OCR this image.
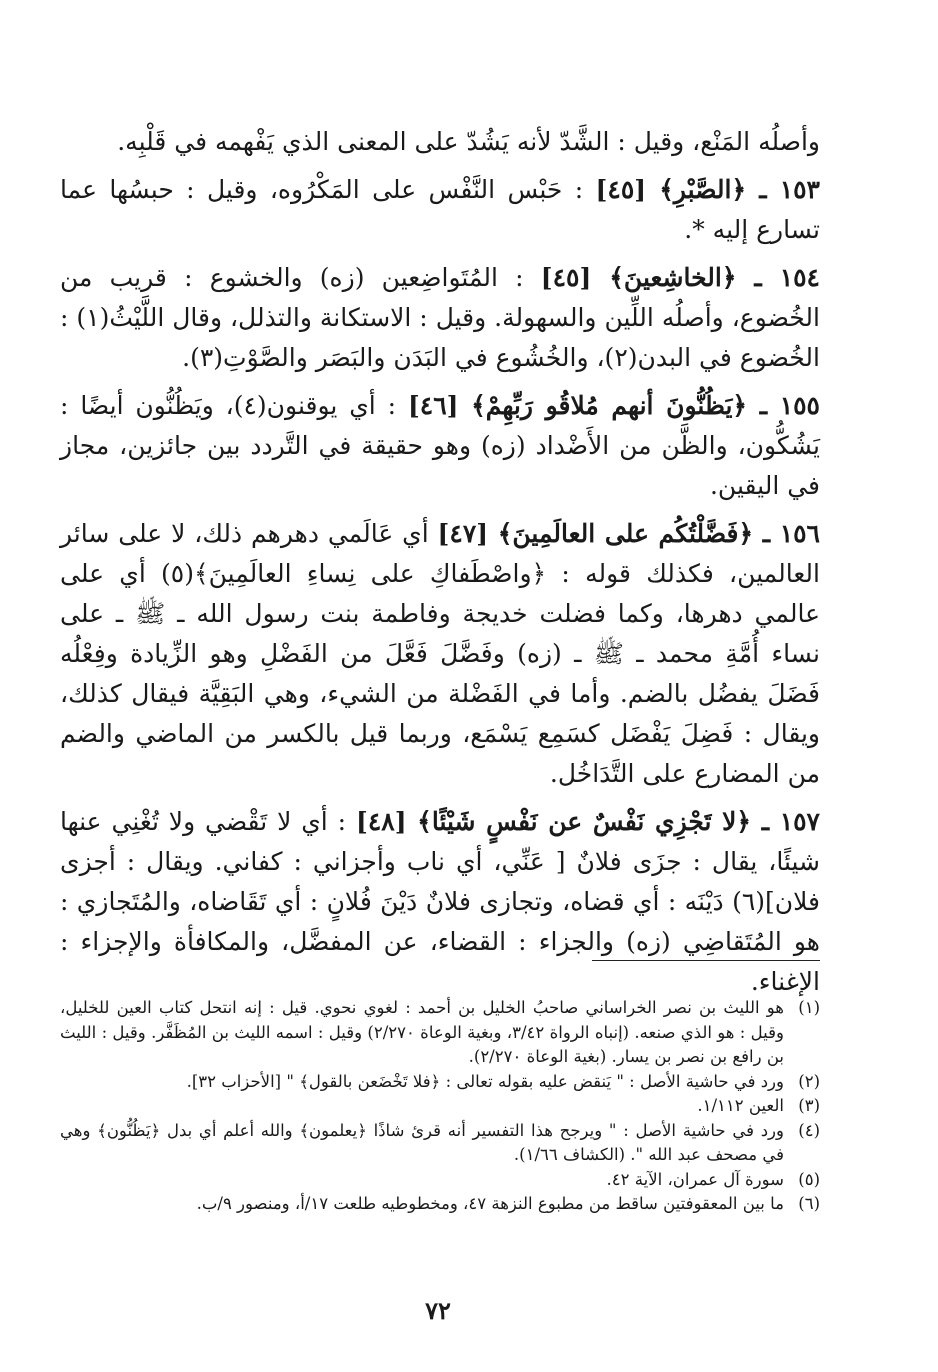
وأصلُه المَنْع، وقيل : الشَّدّ لأنه يَشُدّ على المعنى الذي يَفْهمه في قَلْبِه.

١٥٣ ـ ﴿الصَّبْرِ﴾ [٤٥] : حَبْس النَّفْس على المَكْرُوه، وقيل : حبسُها عما تسارع إليه *.

١٥٤ ـ ﴿الخاشِعينَ﴾ [٤٥] : المُتَواضِعين (زه) والخشوع : قريب من الخُضوع، وأصلُه اللِّين والسهولة. وقيل : الاستكانة والتذلل، وقال اللَّيْثُ(١) : الخُضوع في البدن(٢)، والخُشُوع في البَدَن والبَصَر والصَّوْتِ(٣).

١٥٥ ـ ﴿يَظُنُّونَ أنهم مُلاقُو رَبِّهِمْ﴾ [٤٦] : أي يوقنون(٤)، ويَظُنُّون أيضًا : يَشُكُّون، والظَّن من الأَضْداد (زه) وهو حقيقة في التَّردد بين جائزين، مجاز في اليقين.

١٥٦ ـ ﴿فَضَّلْتُكُم على العالَمِينَ﴾ [٤٧] أي عَالَمي دهرهم ذلك، لا على سائر العالمين، فكذلك قوله : ﴿واصْطَفاكِ على نِساءِ العالَمِينَ﴾(٥) أي على عالمي دهرها، وكما فضلت خديجة وفاطمة بنت رسول الله ـ ﷺ ـ على نساء أُمَّةِ محمد ـ ﷺ ـ (زه) وفَضَّلَ فَعَّلَ من الفَضْلِ وهو الزِّيادة وفِعْلُه فَضَلَ يفضُل بالضم. وأما في الفَضْلة من الشيء، وهي البَقِيَّة فيقال كذلك، ويقال : فَضِلَ يَفْضَل كسَمِع يَسْمَع، وربما قيل بالكسر من الماضي والضم من المضارع على التَّدَاخُل.

١٥٧ ـ ﴿لا تَجْزِي نَفْسٌ عن نَفْسٍ شَيْئًا﴾ [٤٨] : أي لا تَقْضي ولا تُغْنِي عنها شيئًا، يقال : جزَى فلانٌ [ عَنِّي، أي ناب وأجزاني : كفاني. ويقال : أجزى فلان](٦) دَيْنَه : أي قضاه، وتجازى فلانٌ دَيْنَ فُلانٍ : أي تَقَاضاه، والمُتَجازي : هو المُتَقاضِي (زه) والجزاء : القضاء، عن المفضَّل، والمكافأة والإجزاء : الإغناء.

(١)
هو الليث بن نصر الخراساني صاحبُ الخليل بن أحمد : لغوي نحوي. قيل : إنه انتحل كتاب العين للخليل، وقيل : هو الذي صنعه. (إنباه الرواة ٣/٤٢، وبغية الوعاة ٢/٢٧٠) وقيل : اسمه الليث بن المُظَفَّر. وقيل : الليث بن رافع بن نصر بن يسار. (بغية الوعاة ٢/٢٧٠).
(٢)
ورد في حاشية الأصل : " يَنقض عليه بقوله تعالى : ﴿فلا تَخْضَعن بالقول﴾ " [الأحزاب ٣٢].
(٣)
العين ١/١١٢.
(٤)
ورد في حاشية الأصل : " ويرجح هذا التفسير أنه قرئ شاذًا ﴿يعلمون﴾ والله أعلم أي بدل ﴿يَظُنُّون﴾ وهي في مصحف عبد الله ". (الكشاف ١/٦٦).
(٥)
سورة آل عمران، الآية ٤٢.
(٦)
ما بين المعقوفتين ساقط من مطبوع النزهة ٤٧، ومخطوطيه طلعت ١٧/أ، ومنصور ٩/ب.
٧٢
